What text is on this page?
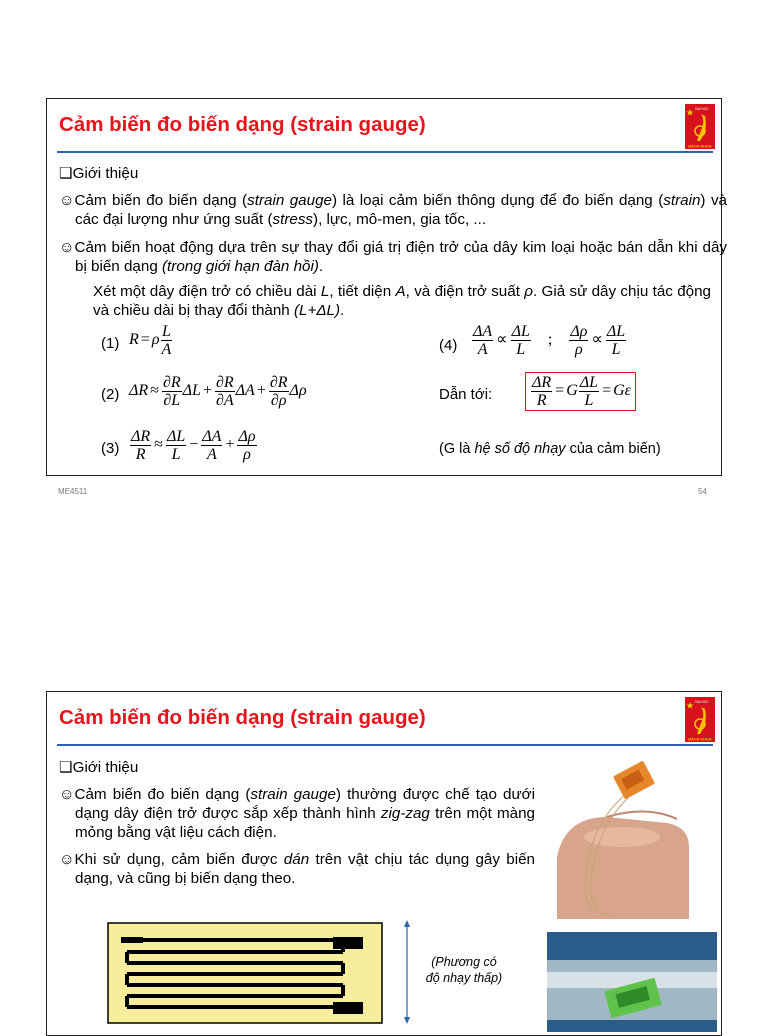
Cảm biến đo biến dạng (strain gauge)
ĐẠI HỌC
BÁCH KHOA
❑Giới thiệu
☺Cảm biến đo biến dạng (strain gauge) là loại cảm biến thông dụng để đo biến dạng (strain) và các đại lượng như ứng suất (stress), lực, mô-men, gia tốc, ...
☺Cảm biến hoạt động dựa trên sự thay đổi giá trị điện trở của dây kim loại hoặc bán dẫn khi dây bị biến dạng (trong giới hạn đàn hồi).
Xét một dây điện trở có chiều dài L, tiết diện A, và điện trở suất ρ. Giả sử dây chịu tác động và chiều dài bị thay đổi thành (L+ΔL).
(1) R = ρ $\frac{L}{A}$
(2) $\Delta R \approx \frac{\partial R}{\partial L}$ $\Delta L + \frac{\partial R}{\partial A}$ $\Delta A + \frac{\partial R}{\partial\rho}$ Δρ
$(3) \frac{\Delta R}{R} \approx \frac{\Delta L}{L} - \frac{\Delta A}{A} + \frac{\Delta\rho}{\rho}$
$(4) \frac{\Delta A}{A} \propto \frac{\Delta L}{L}$ ; $\frac{\Delta\rho}{\rho} \propto \frac{\Delta L}{L}$
Dẫn tới: $\frac{\Delta R}{R} = G \frac{\Delta L}{L} = G\varepsilon$
(G là hệ số độ nhạy của cảm biến)
ME4511	54
Cảm biến đo biến dạng (strain gauge)
ĐẠI HỌC
BÁCH KHOA
❑Giới thiệu
☺Cảm biến đo biến dạng (strain gauge) thường được chế tạo dưới dạng dây điện trở được sắp xếp thành hình zig-zag trên một màng mỏng bằng vật liệu cách điện.
☺Khi sử dụng, cảm biến được dán trên vật chịu tác dụng gây biến dạng, và cũng bị biến dạng theo.
(Phương có
độ nhạy thấp)
